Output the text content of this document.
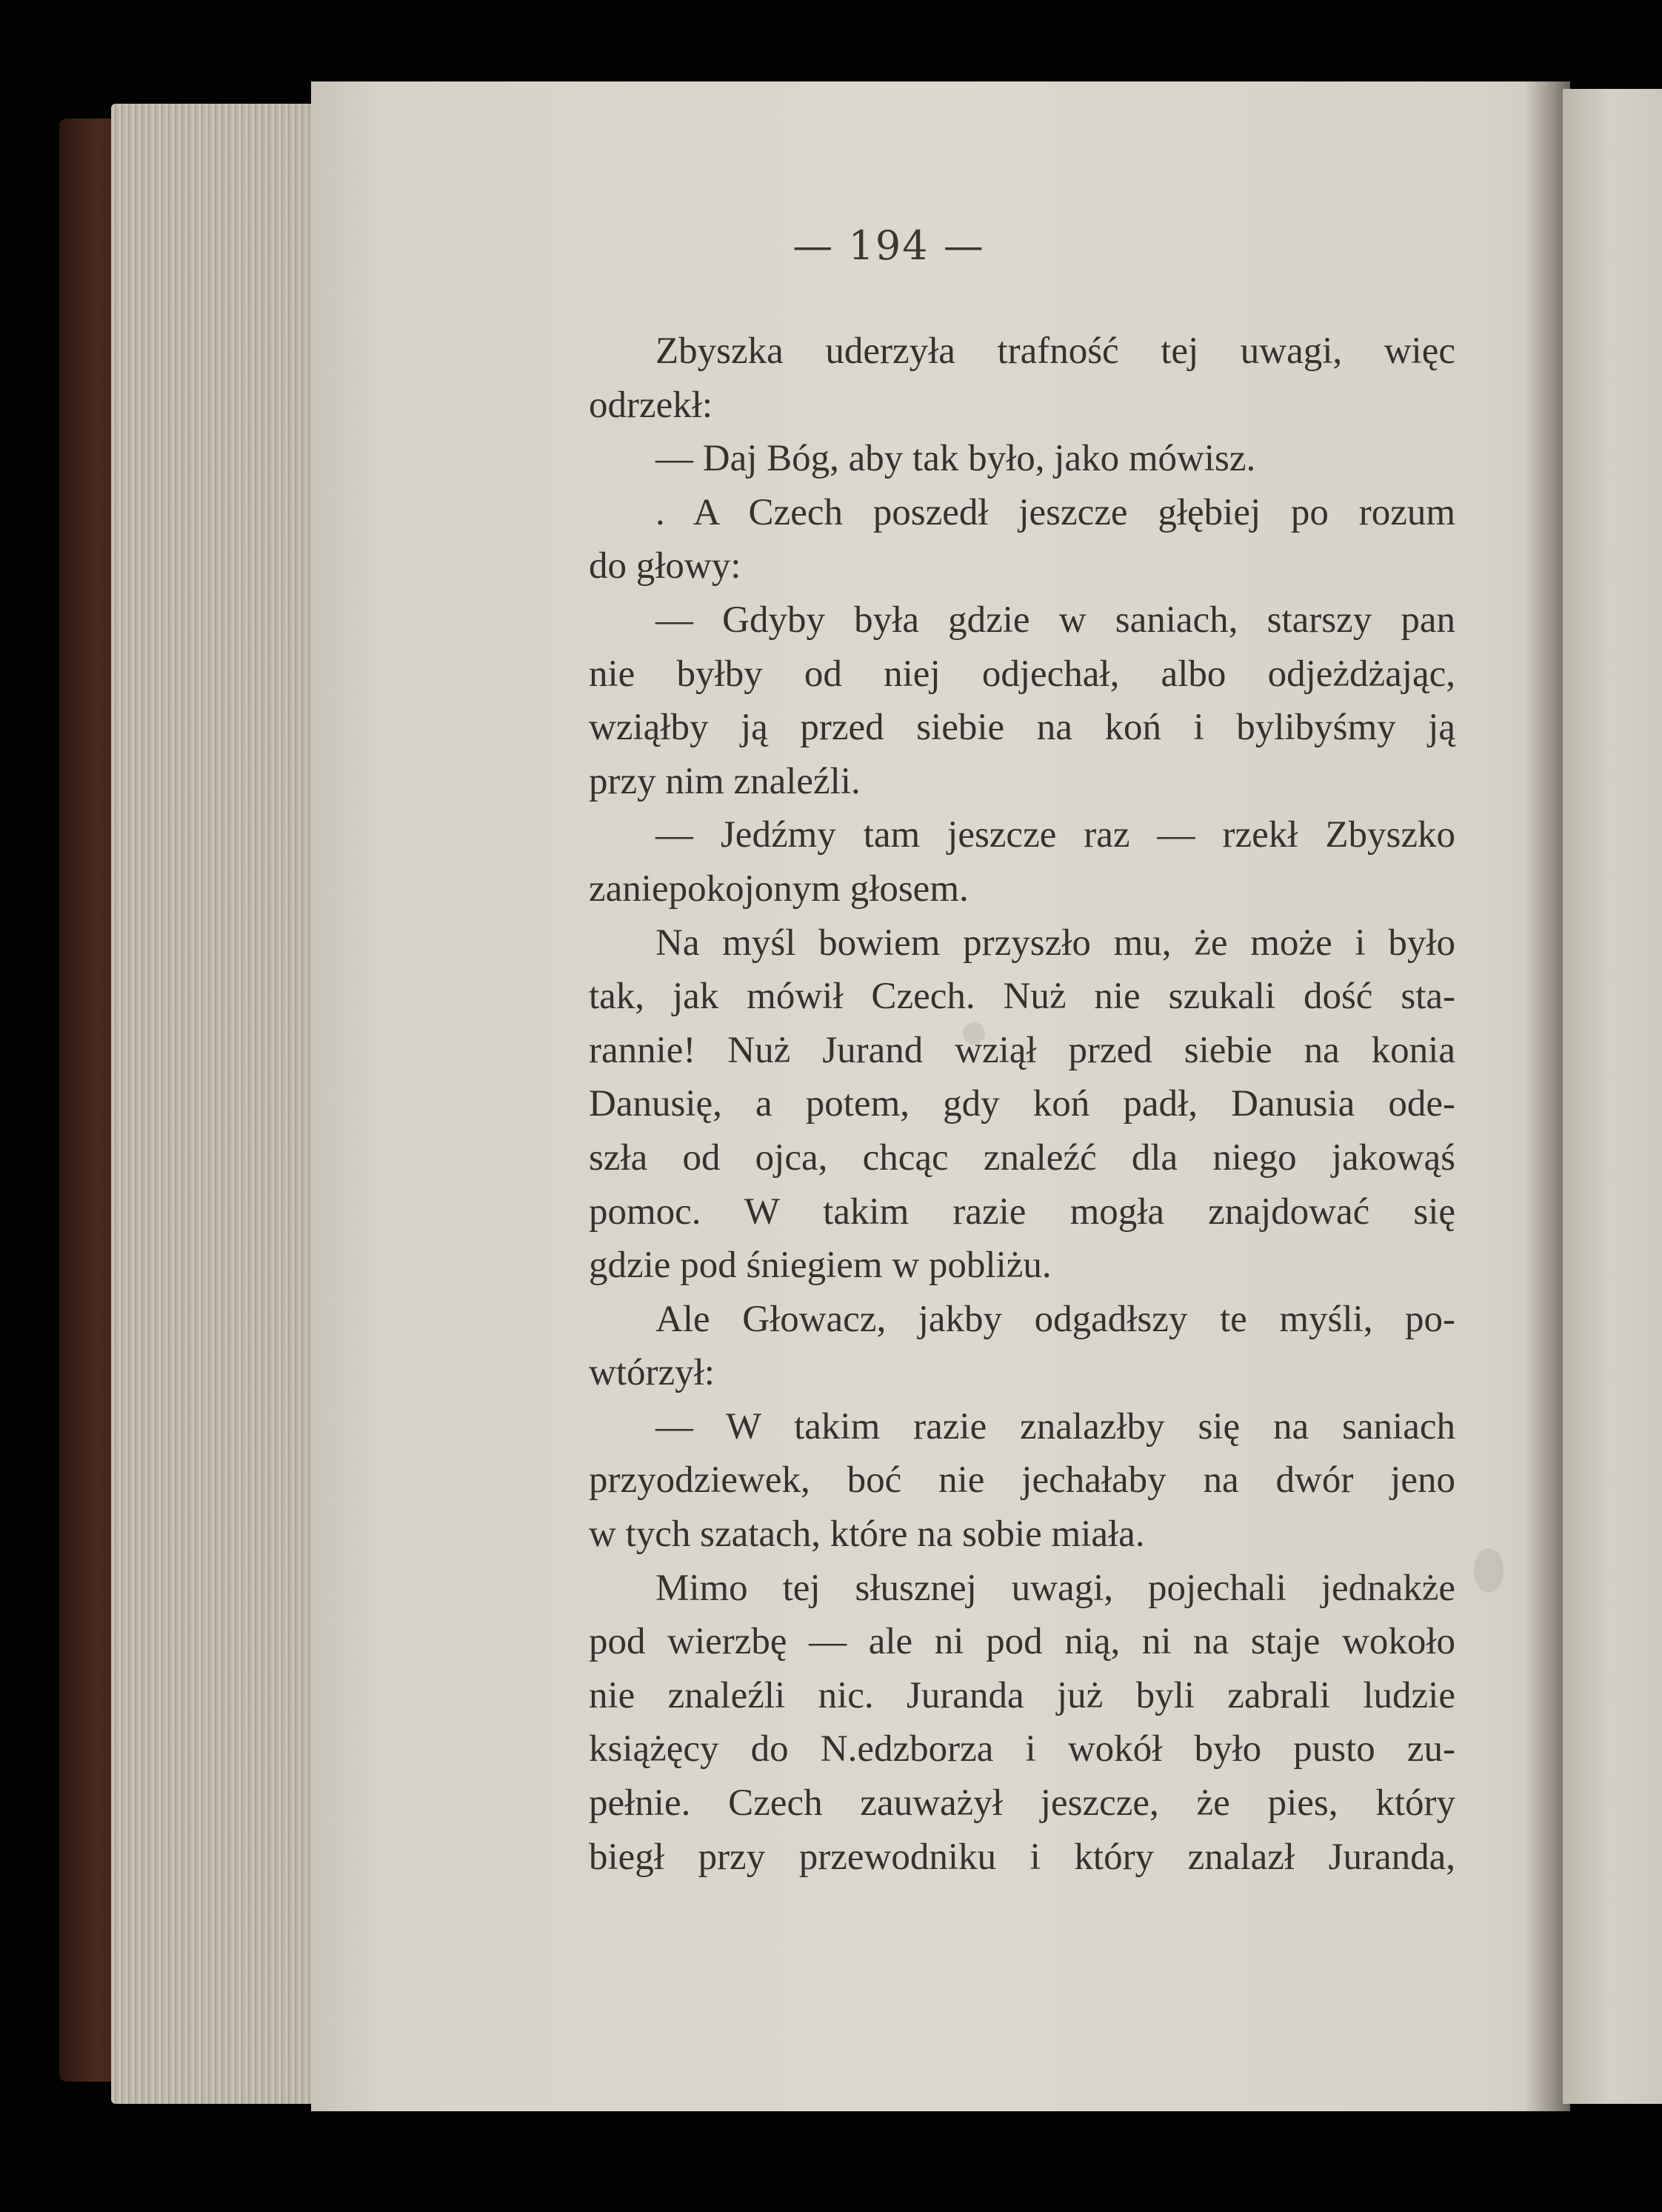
— 194 —
Zbyszka uderzyła trafność tej uwagi, więc
odrzekł:
— Daj Bóg, aby tak było, jako mówisz.
. A Czech poszedł jeszcze głębiej po rozum
do głowy:
— Gdyby była gdzie w saniach, starszy pan
nie byłby od niej odjechał, albo odjeżdżając,
wziąłby ją przed siebie na koń i bylibyśmy ją
przy nim znaleźli.
— Jedźmy tam jeszcze raz — rzekł Zbyszko
zaniepokojonym głosem.
Na myśl bowiem przyszło mu, że może i było
tak, jak mówił Czech. Nuż nie szukali dość sta-
rannie! Nuż Jurand wziął przed siebie na konia
Danusię, a potem, gdy koń padł, Danusia ode-
szła od ojca, chcąc znaleźć dla niego jakowąś
pomoc. W takim razie mogła znajdować się
gdzie pod śniegiem w pobliżu.
Ale Głowacz, jakby odgadłszy te myśli, po-
wtórzył:
— W takim razie znalazłby się na saniach
przyodziewek, boć nie jechałaby na dwór jeno
w tych szatach, które na sobie miała.
Mimo tej słusznej uwagi, pojechali jednakże
pod wierzbę — ale ni pod nią, ni na staje wokoło
nie znaleźli nic. Juranda już byli zabrali ludzie
książęcy do N.edzborza i wokół było pusto zu-
pełnie. Czech zauważył jeszcze, że pies, który
biegł przy przewodniku i który znalazł Juranda,
